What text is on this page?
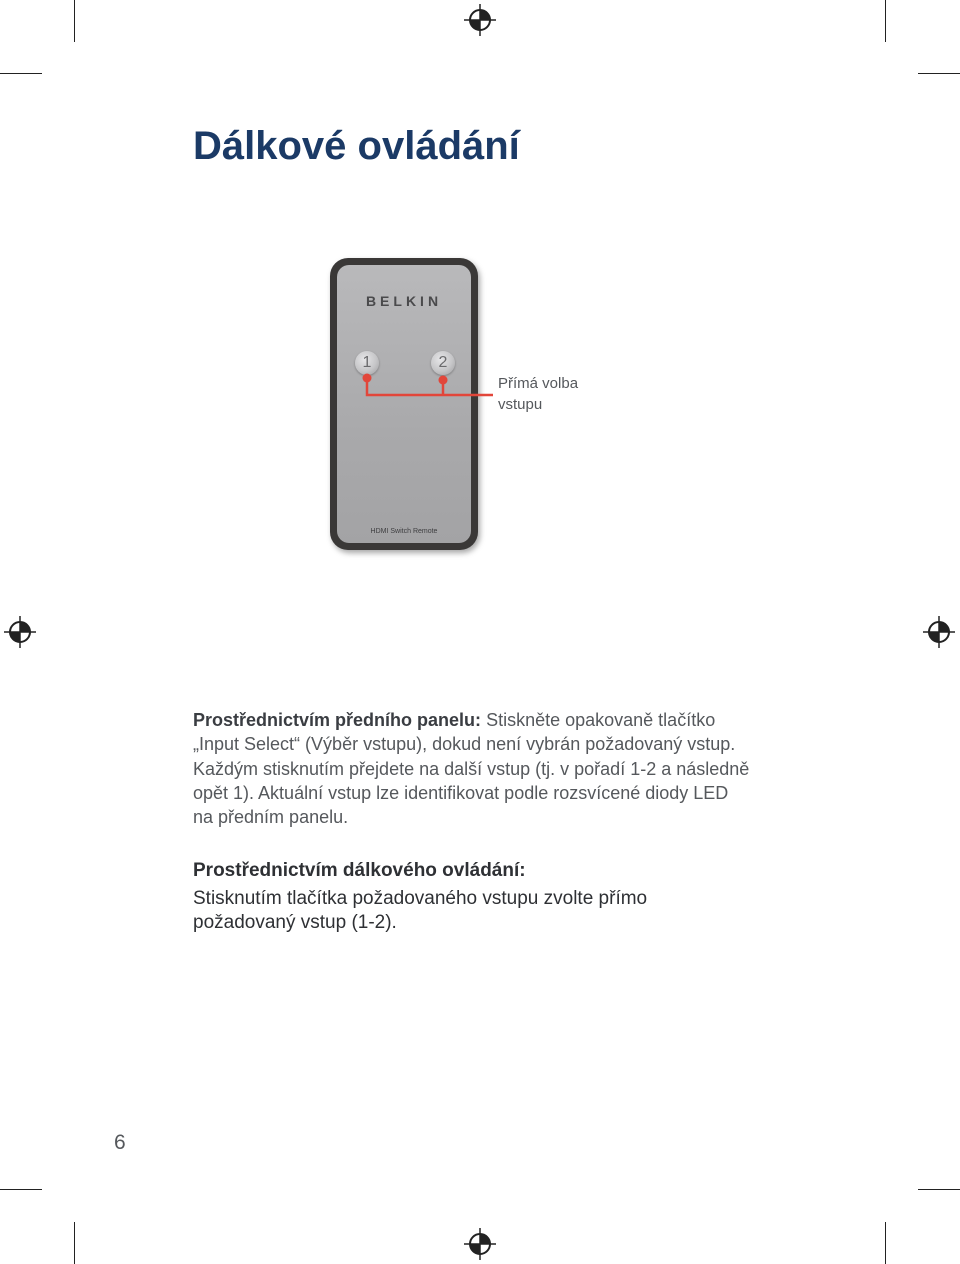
Dálkové ovládání
BELKIN
1	2
HDMI Switch Remote

Přímá volba
vstupu

Prostřednictvím předního panelu: Stiskněte opakovaně tlačítko „Input Select“ (Výběr vstupu), dokud není vybrán požadovaný vstup. Každým stisknutím přejdete na další vstup (tj. v pořadí 1-2 a následně opět 1). Aktuální vstup lze identifikovat podle rozsvícené diody LED na předním panelu.

Prostřednictvím dálkového ovládání:
Stisknutím tlačítka požadovaného vstupu zvolte přímo požadovaný vstup (1-2).

6
